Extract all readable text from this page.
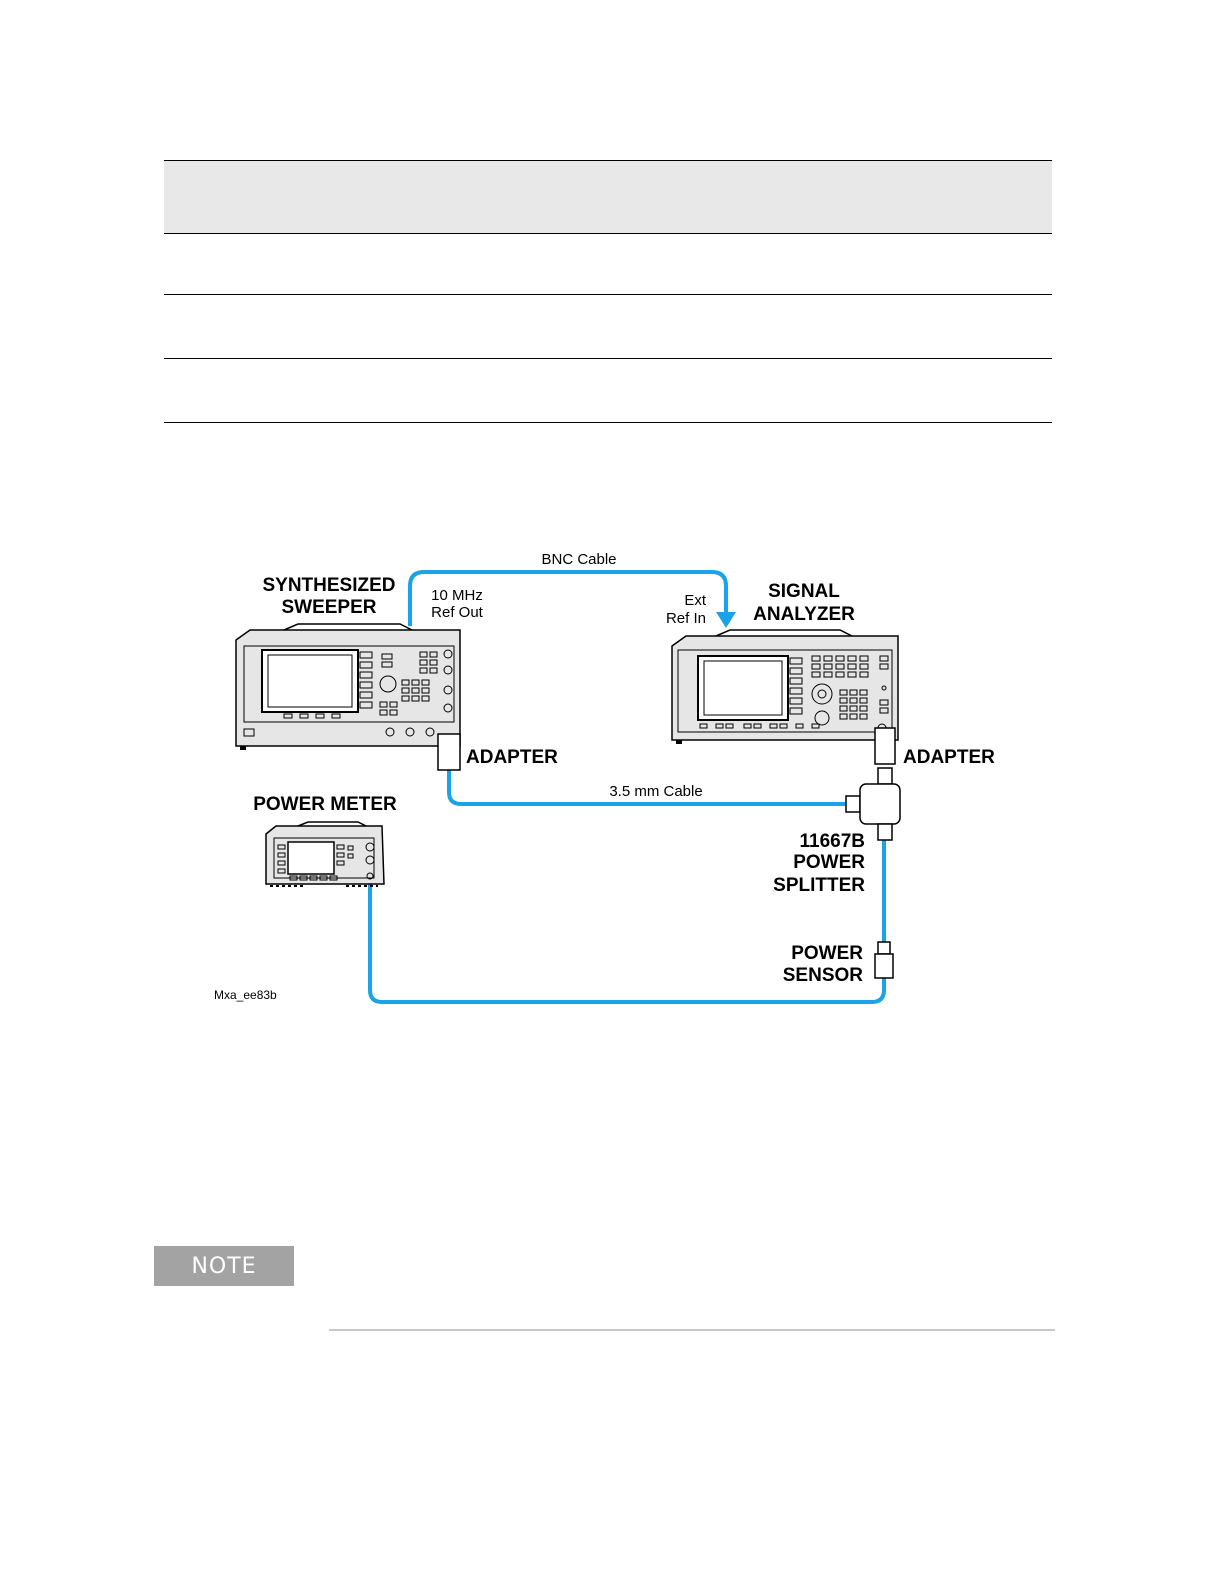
SYNTHESIZED
SWEEPER
10 MHz
Ref Out
BNC Cable
Ext
Ref In
SIGNAL
ANALYZER
ADAPTER	ADAPTER
3.5 mm Cable
POWER METER
11667B
POWER
SPLITTER
POWER
SENSOR
Mxa_ee83b
NOTE
